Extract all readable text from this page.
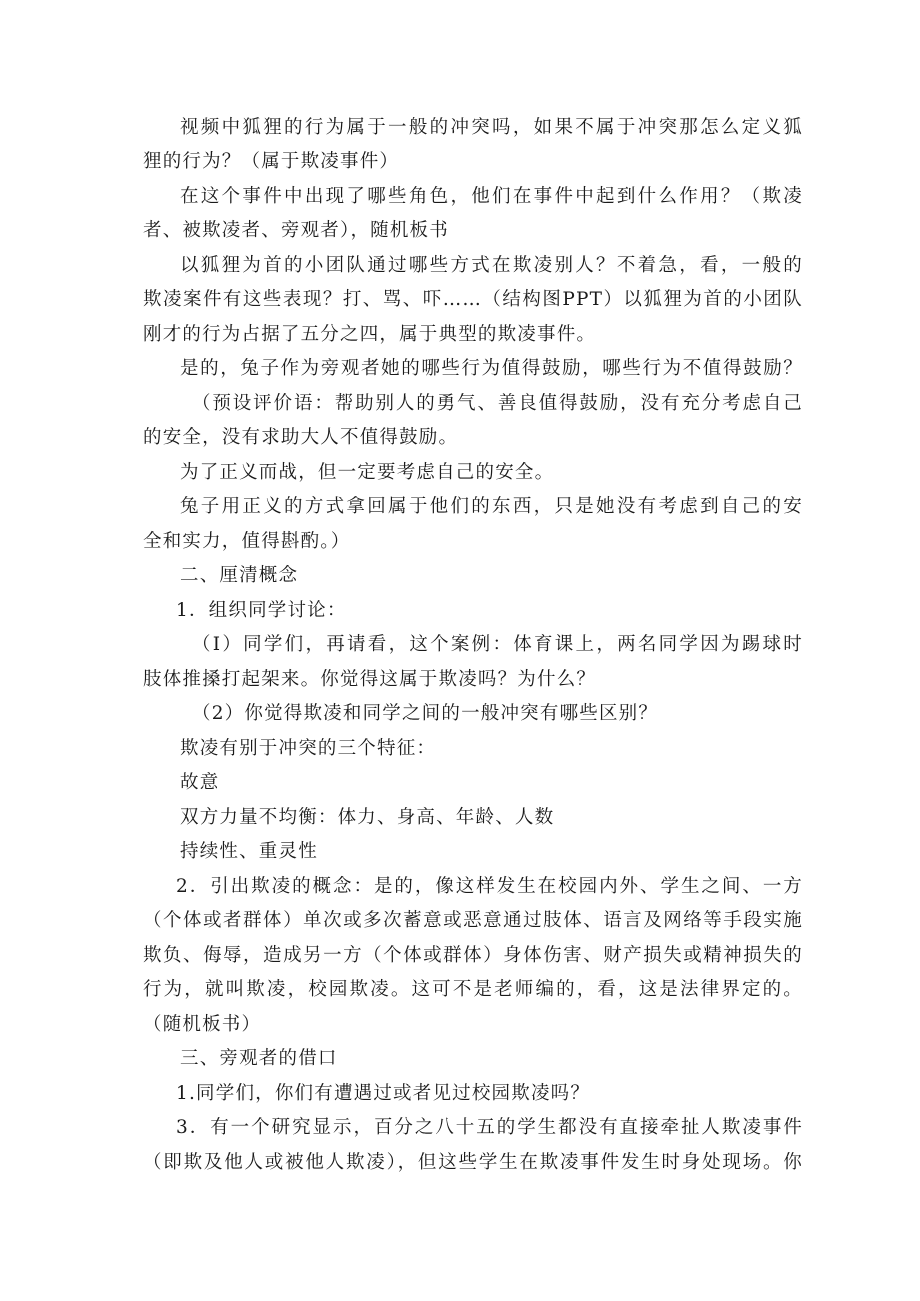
视频中狐狸的行为属于一般的冲突吗，如果不属于冲突那怎么定义狐
狸的行为？（属于欺凌事件）
在这个事件中出现了哪些角色，他们在事件中起到什么作用？（欺凌
者、被欺凌者、旁观者），随机板书
以狐狸为首的小团队通过哪些方式在欺凌别人？不着急，看，一般的
欺凌案件有这些表现？打、骂、吓……（结构图PPT）以狐狸为首的小团队
刚才的行为占据了五分之四，属于典型的欺凌事件。
是的，兔子作为旁观者她的哪些行为值得鼓励，哪些行为不值得鼓励？
（预设评价语：帮助别人的勇气、善良值得鼓励，没有充分考虑自己
的安全，没有求助大人不值得鼓励。
为了正义而战，但一定要考虑自己的安全。
兔子用正义的方式拿回属于他们的东西，只是她没有考虑到自己的安
全和实力，值得斟酌。）
二、厘清概念
1．组织同学讨论：
（I）同学们，再请看，这个案例：体育课上，两名同学因为踢球时
肢体推搡打起架来。你觉得这属于欺凌吗？为什么？
（2）你觉得欺凌和同学之间的一般冲突有哪些区别？
欺凌有别于冲突的三个特征：
故意
双方力量不均衡：体力、身高、年龄、人数
持续性、重灵性
2．引出欺凌的概念：是的，像这样发生在校园内外、学生之间、一方
（个体或者群体）单次或多次蓄意或恶意通过肢体、语言及网络等手段实施
欺负、侮辱，造成另一方（个体或群体）身体伤害、财产损失或精神损失的
行为，就叫欺凌，校园欺凌。这可不是老师编的，看，这是法律界定的。
（随机板书）
三、旁观者的借口
1.同学们，你们有遭遇过或者见过校园欺凌吗？
3．有一个研究显示，百分之八十五的学生都没有直接牵扯人欺凌事件
（即欺及他人或被他人欺凌），但这些学生在欺凌事件发生时身处现场。你
